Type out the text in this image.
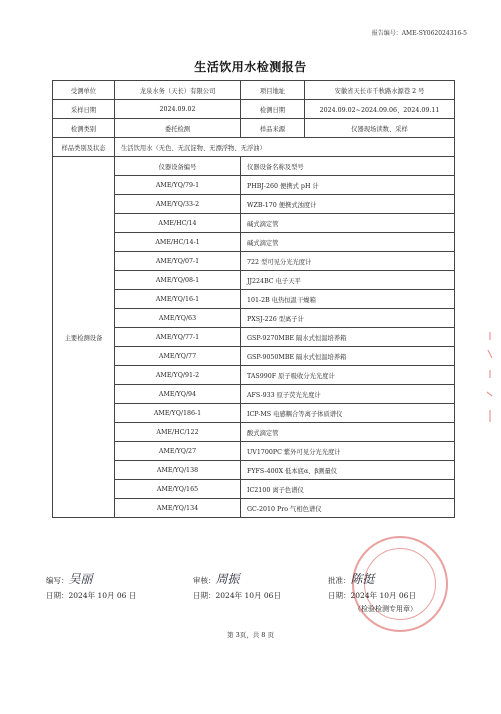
报告编号：AME-SY062024316-5
生活饮用水检测报告
受测单位	龙泉水务（天长）有限公司	项目地址	安徽省天长市千秋路水源巷 2 号
采样日期	2024.09.02	检测日期	2024.09.02~2024.09.06、2024.09.11
检测类别	委托检测	样品来源	仪器现场读数、采样
样品类别及状态	生活饮用水（无色、无沉淀物、无漂浮物、无浮油）		
主要检测设备	仪器设备编号	仪器设备名称及型号	
	AME/YQ/79-1	PHBJ-260 便携式 pH 计	
	AME/YQ/33-2	WZB-170 便携式浊度计	
	AME/HC/14	碱式滴定管	
	AME/HC/14-1	碱式滴定管	
	AME/YQ/07-1	722 型可见分光光度计	
	AME/YQ/08-1	JJ224BC 电子天平	
	AME/YQ/16-1	101-2B 电热恒温干燥箱	
	AME/YQ/63	PXSJ-226 型离子计	
	AME/YQ/77-1	GSP-9270MBE 隔水式恒温培养箱	
	AME/YQ/77	GSP-9050MBE 隔水式恒温培养箱	
	AME/YQ/91-2	TAS990F 原子吸收分光光度计	
	AME/YQ/94	AFS-933 原子荧光光度计	
	AME/YQ/186-1	ICP-MS 电感耦合等离子体质谱仪	
	AME/HC/122	酸式滴定管	
	AME/YQ/27	UV1700PC 紫外可见分光光度计	
	AME/YQ/138	FYFS-400X 低本底α、β测量仪	
	AME/YQ/165	IC2100 离子色谱仪	
	AME/YQ/134	GC-2010 Pro 气相色谱仪	
编写：吴丽
日期：2024年 10月 06 日
审核：周振
日期：2024年 10月 06日
批准：陈挺
日期：2024年 10月 06日
（检验检测专用章）
第 3页，共 8 页
